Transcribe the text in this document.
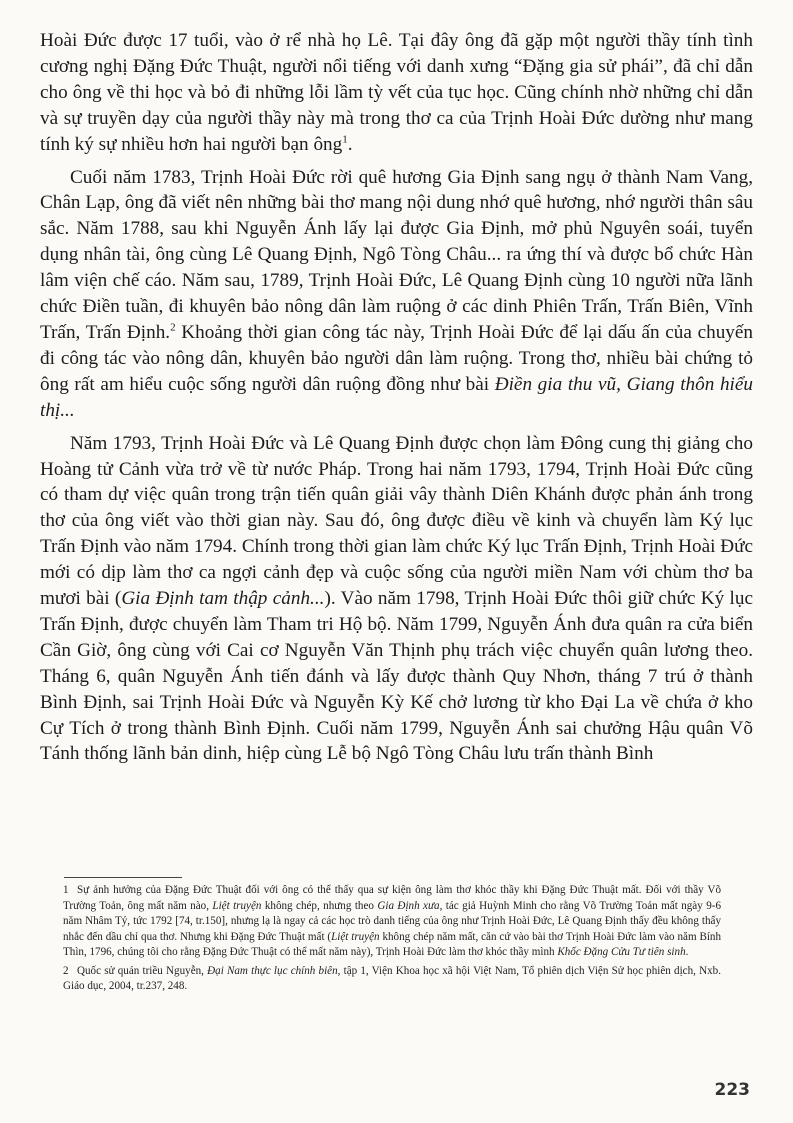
Hoài Đức được 17 tuổi, vào ở rể nhà họ Lê. Tại đây ông đã gặp một người thầy tính tình cương nghị Đặng Đức Thuật, người nổi tiếng với danh xưng “Đặng gia sử phái”, đã chỉ dẫn cho ông về thi học và bỏ đi những lỗi lầm tỳ vết của tục học. Cũng chính nhờ những chỉ dẫn và sự truyền dạy của người thầy này mà trong thơ ca của Trịnh Hoài Đức dường như mang tính ký sự nhiều hơn hai người bạn ông$^1$.

Cuối năm 1783, Trịnh Hoài Đức rời quê hương Gia Định sang ngụ ở thành Nam Vang, Chân Lạp, ông đã viết nên những bài thơ mang nội dung nhớ quê hương, nhớ người thân sâu sắc. Năm 1788, sau khi Nguyễn Ánh lấy lại được Gia Định, mở phủ Nguyên soái, tuyển dụng nhân tài, ông cùng Lê Quang Định, Ngô Tòng Châu... ra ứng thí và được bổ chức Hàn lâm viện chế cáo. Năm sau, 1789, Trịnh Hoài Đức, Lê Quang Định cùng 10 người nữa lãnh chức Điền tuần, đi khuyên bảo nông dân làm ruộng ở các dinh Phiên Trấn, Trấn Biên, Vĩnh Trấn, Trấn Định.$^2$ Khoảng thời gian công tác này, Trịnh Hoài Đức để lại dấu ấn của chuyến đi công tác vào nông dân, khuyên bảo người dân làm ruộng. Trong thơ, nhiều bài chứng tỏ ông rất am hiểu cuộc sống người dân ruộng đồng như bài Điền gia thu vũ, Giang thôn hiểu thị...

Năm 1793, Trịnh Hoài Đức và Lê Quang Định được chọn làm Đông cung thị giảng cho Hoàng tử Cảnh vừa trở về từ nước Pháp. Trong hai năm 1793, 1794, Trịnh Hoài Đức cũng có tham dự việc quân trong trận tiến quân giải vây thành Diên Khánh được phản ánh trong thơ của ông viết vào thời gian này. Sau đó, ông được điều về kinh và chuyển làm Ký lục Trấn Định vào năm 1794. Chính trong thời gian làm chức Ký lục Trấn Định, Trịnh Hoài Đức mới có dịp làm thơ ca ngợi cảnh đẹp và cuộc sống của người miền Nam với chùm thơ ba mươi bài (Gia Định tam thập cảnh...). Vào năm 1798, Trịnh Hoài Đức thôi giữ chức Ký lục Trấn Định, được chuyển làm Tham tri Hộ bộ. Năm 1799, Nguyễn Ánh đưa quân ra cửa biển Cần Giờ, ông cùng với Cai cơ Nguyễn Văn Thịnh phụ trách việc chuyển quân lương theo. Tháng 6, quân Nguyễn Ánh tiến đánh và lấy được thành Quy Nhơn, tháng 7 trú ở thành Bình Định, sai Trịnh Hoài Đức và Nguyễn Kỳ Kế chở lương từ kho Đại La về chứa ở kho Cự Tích ở trong thành Bình Định. Cuối năm 1799, Nguyễn Ánh sai chưởng Hậu quân Võ Tánh thống lãnh bản dinh, hiệp cùng Lễ bộ Ngô Tòng Châu lưu trấn thành Bình

1 Sự ảnh hưởng của Đặng Đức Thuật đối với ông có thể thấy qua sự kiện ông làm thơ khóc thầy khi Đặng Đức Thuật mất. Đối với thầy Võ Trường Toản, ông mất năm nào, Liệt truyện không chép, nhưng theo Gia Định xưa, tác giả Huỳnh Minh cho rằng Võ Trường Toản mất ngày 9-6 năm Nhâm Tý, tức 1792 [74, tr.150], nhưng lạ là ngay cả các học trò danh tiếng của ông như Trịnh Hoài Đức, Lê Quang Định thấy đều không thấy nhắc đến dầu chỉ qua thơ. Nhưng khi Đặng Đức Thuật mất (Liệt truyện không chép năm mất, căn cứ vào bài thơ Trịnh Hoài Đức làm vào năm Bính Thìn, 1796, chúng tôi cho rằng Đặng Đức Thuật có thể mất năm này), Trịnh Hoài Đức làm thơ khóc thầy mình Khốc Đặng Cửu Tư tiên sinh.

2 Quốc sử quán triều Nguyễn, Đại Nam thực lục chính biên, tập 1, Viện Khoa học xã hội Việt Nam, Tổ phiên dịch Viện Sử học phiên dịch, Nxb. Giáo dục, 2004, tr.237, 248.

223
